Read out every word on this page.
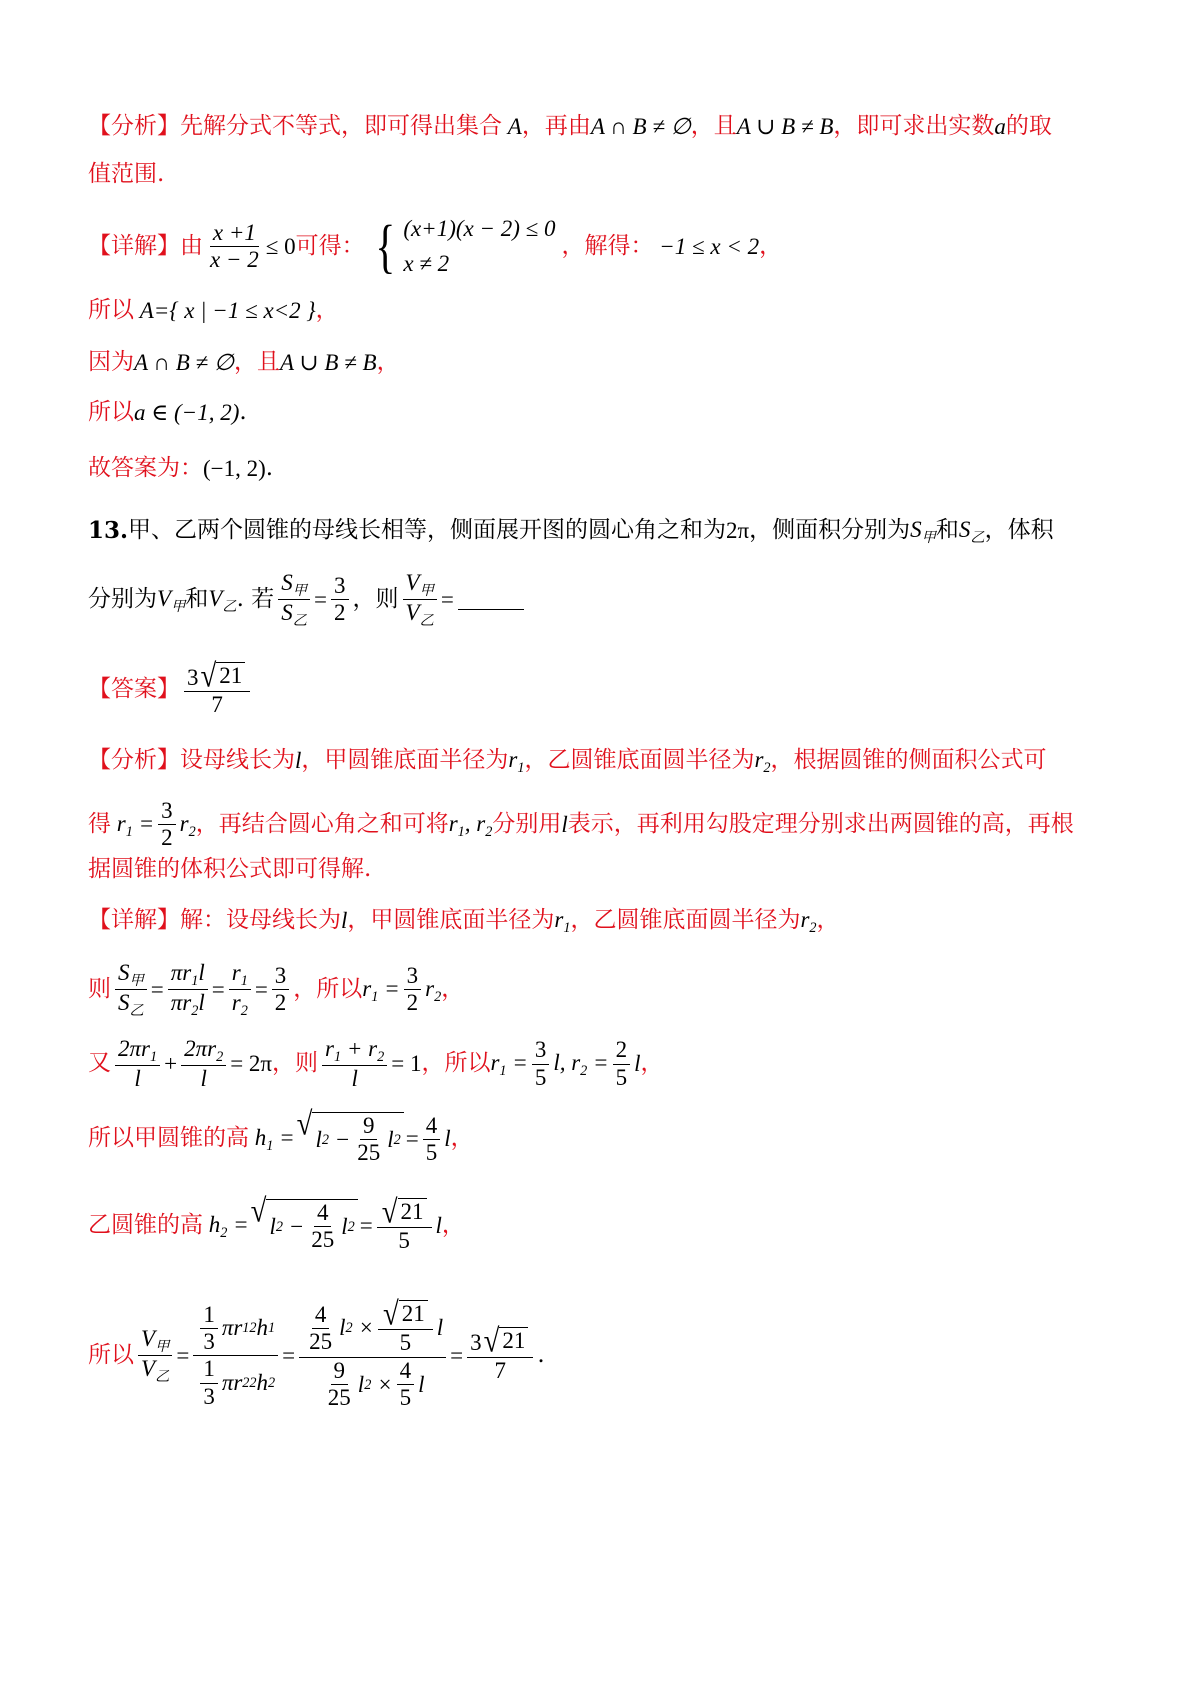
【分析】 先解分式不等式，即可得出集合 A ，再由 A ∩ B ≠ ∅ ，且 A ∪ B ≠ B ，即可求出实数 a 的取
值范围.
【详解】 由 $\frac{x +1}{x - 2} \le 0$ 可得： { (x+1)(x − 2) ≤ 0
x ≠ 2
，解得： −1 ≤ x < 2 ，
所以 A={ x | −1 ≤ x<2 } ，
因为 A ∩ B ≠ ∅ ，且 A ∪ B ≠ B ，
所以 a ∈ (−1, 2) .
故答案为： (−1, 2) .
13. 甲、乙两个圆锥的母线长相等，侧面展开图的圆心角之和为 2π ，侧面积分别为 $S_甲$ 和 $S_乙$ ，体积
分别为 $V_甲$ 和 $V_乙$ . 若 $\frac{S_甲}{S_乙} = \frac{3}{2}$ ，则 $\frac{V_甲}{V_乙}$ =
【答案】 $\frac{3 √ 21}{7}$
【分析】 设母线长为 l ，甲圆锥底面半径为 $r_1$ ，乙圆锥底面圆半径为 $r_2$ ，根据圆锥的侧面积公式可
得 $r_1 = \frac{3}{2} r_2$ ，再结合圆心角之和可将 $r_1$, $r_2$ 分别用 l 表示，再利用勾股定理分别求出两圆锥的高，再根
据圆锥的体积公式即可得解.
【详解】 解：设母线长为 l ，甲圆锥底面半径为 $r_1$ ，乙圆锥底面圆半径为 $r_2$ ，
则 $\frac{S_甲}{S_乙} = \frac{\pi r_1l}{\pi r_2l} = \frac{r_1}{r_2} = \frac{3}{2}$ ，所以 $r_1 = \frac{3}{2} r_2$ ，
又 $\frac{2\pi r_1}{l} + \frac{2\pi r_2}{l} = 2\pi$ ，则 $\frac{r_1 + r_2}{l} = 1$ ，所以 $r_1 = \frac{3}{5} l$, $r_2 = \frac{2}{5}$ l ，
所以甲圆锥的高 $h_1$ = √ l $2 - \frac{9}{25}$ l $2 = \frac{4}{5}$ l ，
乙圆锥的高 $h_2$ = √ l $2 - \frac{4}{25}$ l $2 = \frac{√ 21}{5}$ l ，
所以 $\frac{V_甲}{V_乙} = \frac{\frac{1}{3} \pi r 1 2 h 1}{\frac{1}{3} \pi r 2 2 h 2} = \frac{\frac{4}{25} l 2 \times \frac{√ 21}{5} l}{\frac{9}{25} l 2 \times \frac{4}{5} l} = \frac{3 √ 21}{7}$ .
